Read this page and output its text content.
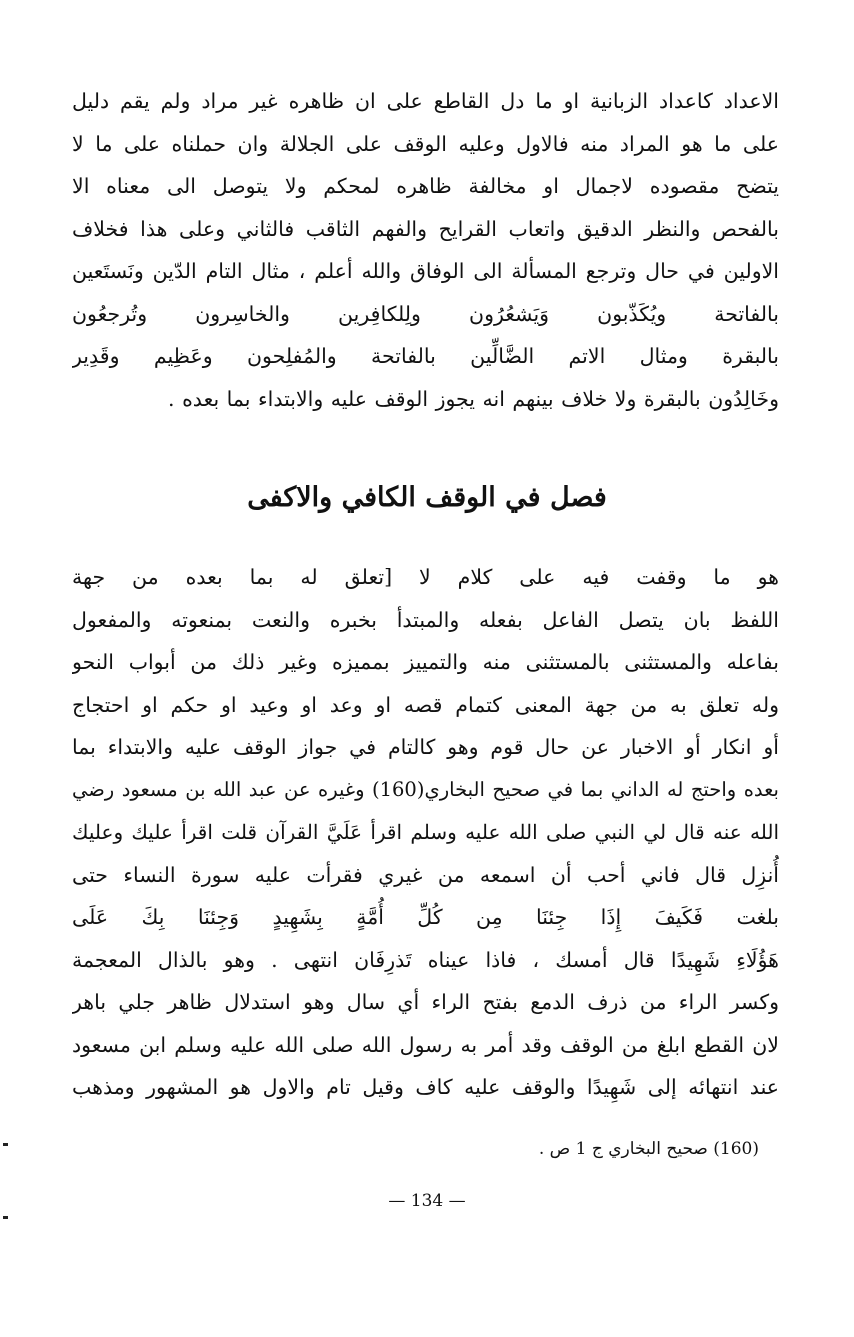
الاعداد كاعداد الزبانية او ما دل القاطع على ان ظاهره غير مراد ولم يقم دليل
على ما هو المراد منه فالاول وعليه الوقف على الجلالة وان حملناه على ما لا
يتضح مقصوده لاجمال او مخالفة ظاهره لمحكم ولا يتوصل الى معناه الا
بالفحص والنظر الدقيق واتعاب القرايح والفهم الثاقب فالثاني وعلى هذا فخلاف
الاولين في حال وترجع المسألة الى الوفاق والله أعلم ، مثال التام الدّين ونَستَعين
بالفاتحة ويُكَذّبون وَيَشعُرُون ولِلكافِرين والخاسِرون وتُرجعُون
بالبقرة ومثال الاتم الضَّالِّين بالفاتحة والمُفلِحون وعَظِيم وقَدِير
وخَالِدُون بالبقرة ولا خلاف بينهم انه يجوز الوقف عليه والابتداء بما بعده .

فصل في الوقف الكافي والاكفى

هو ما وقفت فيه على كلام لا [تعلق له بما بعده من جهة
اللفظ بان يتصل الفاعل بفعله والمبتدأ بخبره والنعت بمنعوته والمفعول
بفاعله والمستثنى بالمستثنى منه والتمييز بمميزه وغير ذلك من أبواب النحو
وله تعلق به من جهة المعنى كتمام قصه او وعد او وعيد او حكم او احتجاج
أو انكار أو الاخبار عن حال قوم وهو كالتام في جواز الوقف عليه والابتداء بما
بعده واحتج له الداني بما في صحيح البخاري(160) وغيره عن عبد الله بن مسعود رضي
الله عنه قال لي النبي صلى الله عليه وسلم اقرأ عَلَيَّ القرآن قلت اقرأ عليك وعليك
أُنزِل قال فاني أحب أن اسمعه من غيري فقرأت عليه سورة النساء حتى
بلغت فَكَيفَ إِذَا جِئنَا مِن كُلِّ أُمَّةٍ بِشَهِيدٍ وَجِئنَا بِكَ عَلَى
هَؤُلَاءِ شَهِيدًا قال أمسك ، فاذا عيناه تَذرِفَان انتهى . وهو بالذال المعجمة
وكسر الراء من ذرف الدمع بفتح الراء أي سال وهو استدلال ظاهر جلي باهر
لان القطع ابلغ من الوقف وقد أمر به رسول الله صلى الله عليه وسلم ابن مسعود
عند انتهائه إلى شَهِيدًا والوقف عليه كاف وقيل تام والاول هو المشهور ومذهب

(160) صحيح البخاري ج 1 ص .

— 134 —
